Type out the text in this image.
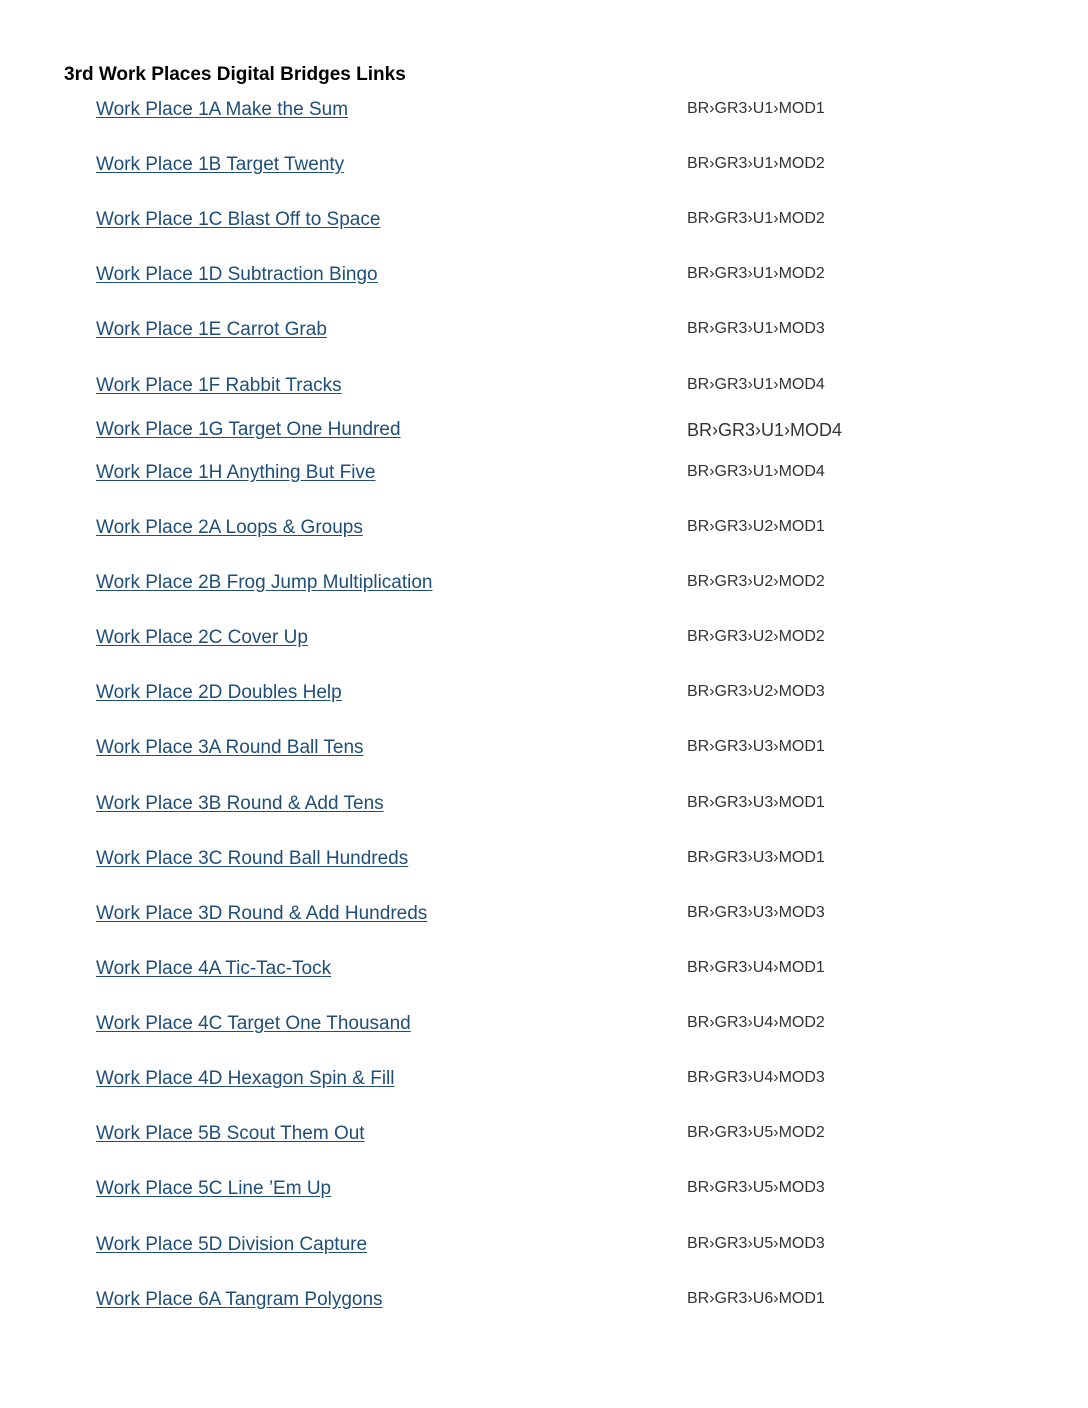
3rd Work Places Digital Bridges Links
Work Place 1A Make the Sum	BR›GR3›U1›MOD1
Work Place 1B Target Twenty	BR›GR3›U1›MOD2
Work Place 1C Blast Off to Space	BR›GR3›U1›MOD2
Work Place 1D Subtraction Bingo	BR›GR3›U1›MOD2
Work Place 1E Carrot Grab	BR›GR3›U1›MOD3
Work Place 1F Rabbit Tracks	BR›GR3›U1›MOD4
Work Place 1G Target One Hundred	BR›GR3›U1›MOD4
Work Place 1H Anything But Five	BR›GR3›U1›MOD4
Work Place 2A Loops & Groups	BR›GR3›U2›MOD1
Work Place 2B Frog Jump Multiplication	BR›GR3›U2›MOD2
Work Place 2C Cover Up	BR›GR3›U2›MOD2
Work Place 2D Doubles Help	BR›GR3›U2›MOD3
Work Place 3A Round Ball Tens	BR›GR3›U3›MOD1
Work Place 3B Round & Add Tens	BR›GR3›U3›MOD1
Work Place 3C Round Ball Hundreds	BR›GR3›U3›MOD1
Work Place 3D Round & Add Hundreds	BR›GR3›U3›MOD3
Work Place 4A Tic-Tac-Tock	BR›GR3›U4›MOD1
Work Place 4C Target One Thousand	BR›GR3›U4›MOD2
Work Place 4D Hexagon Spin & Fill	BR›GR3›U4›MOD3
Work Place 5B Scout Them Out	BR›GR3›U5›MOD2
Work Place 5C Line ’Em Up	BR›GR3›U5›MOD3
Work Place 5D Division Capture	BR›GR3›U5›MOD3
Work Place 6A Tangram Polygons	BR›GR3›U6›MOD1
